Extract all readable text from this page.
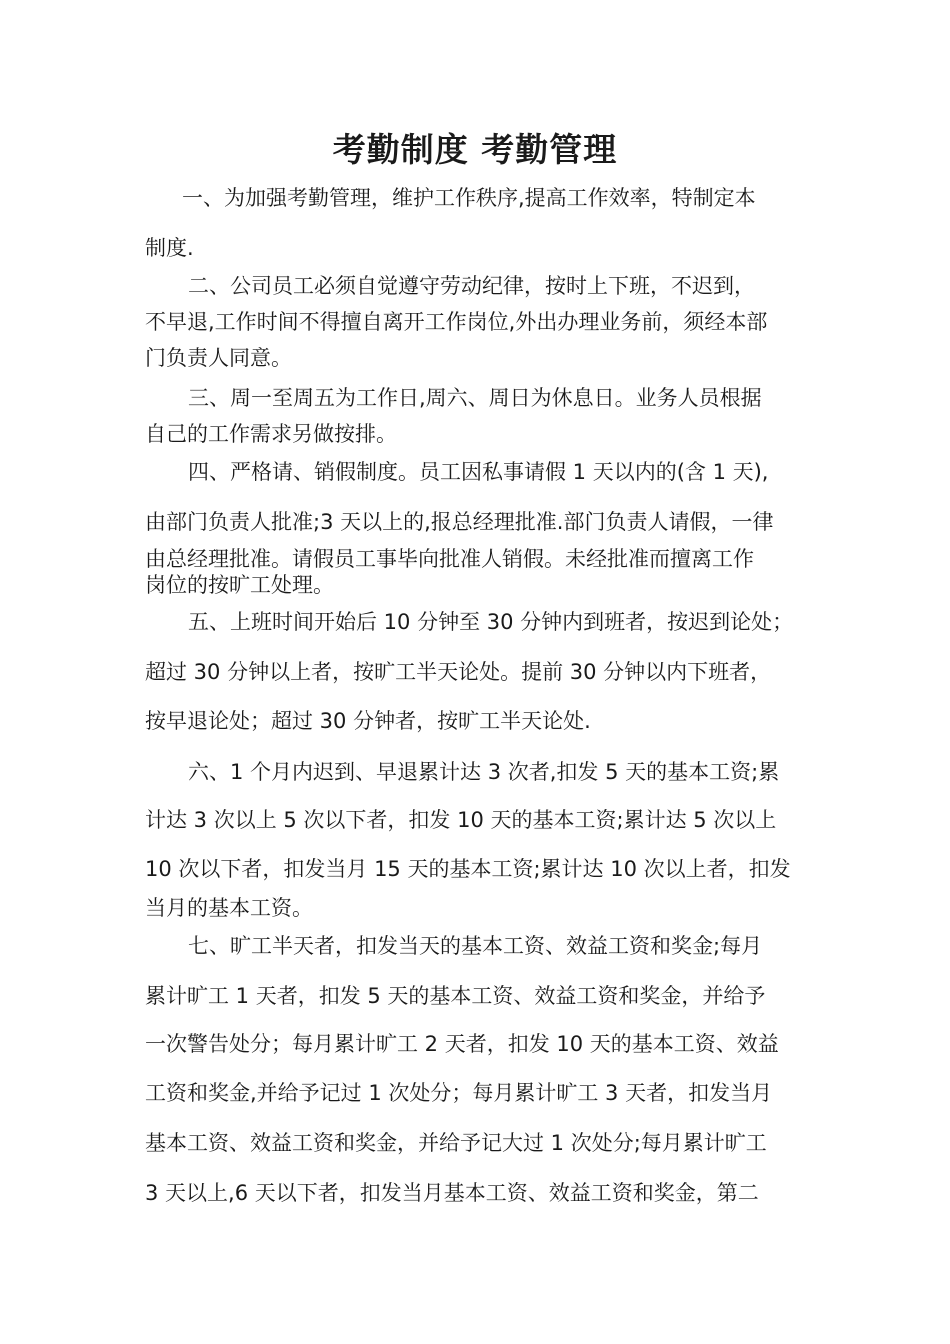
考勤制度 考勤管理
一、为加强考勤管理，维护工作秩序,提高工作效率，特制定本
制度.
二、公司员工必须自觉遵守劳动纪律，按时上下班，不迟到，
不早退,工作时间不得擅自离开工作岗位,外出办理业务前，须经本部
门负责人同意。
三、周一至周五为工作日,周六、周日为休息日。业务人员根据
自己的工作需求另做按排。
四、严格请、销假制度。员工因私事请假 1 天以内的(含 1 天),
由部门负责人批准;3 天以上的,报总经理批准.部门负责人请假，一律
由总经理批准。请假员工事毕向批准人销假。未经批准而擅离工作
岗位的按旷工处理。
五、上班时间开始后 10 分钟至 30 分钟内到班者，按迟到论处；
超过 30 分钟以上者，按旷工半天论处。提前 30 分钟以内下班者，
按早退论处；超过 30 分钟者，按旷工半天论处.
六、1 个月内迟到、早退累计达 3 次者,扣发 5 天的基本工资;累
计达 3 次以上 5 次以下者，扣发 10 天的基本工资;累计达 5 次以上
10 次以下者，扣发当月 15 天的基本工资;累计达 10 次以上者，扣发
当月的基本工资。
七、旷工半天者，扣发当天的基本工资、效益工资和奖金;每月
累计旷工 1 天者，扣发 5 天的基本工资、效益工资和奖金，并给予
一次警告处分；每月累计旷工 2 天者，扣发 10 天的基本工资、效益
工资和奖金,并给予记过 1 次处分；每月累计旷工 3 天者，扣发当月
基本工资、效益工资和奖金，并给予记大过 1 次处分;每月累计旷工
3 天以上,6 天以下者，扣发当月基本工资、效益工资和奖金，第二
